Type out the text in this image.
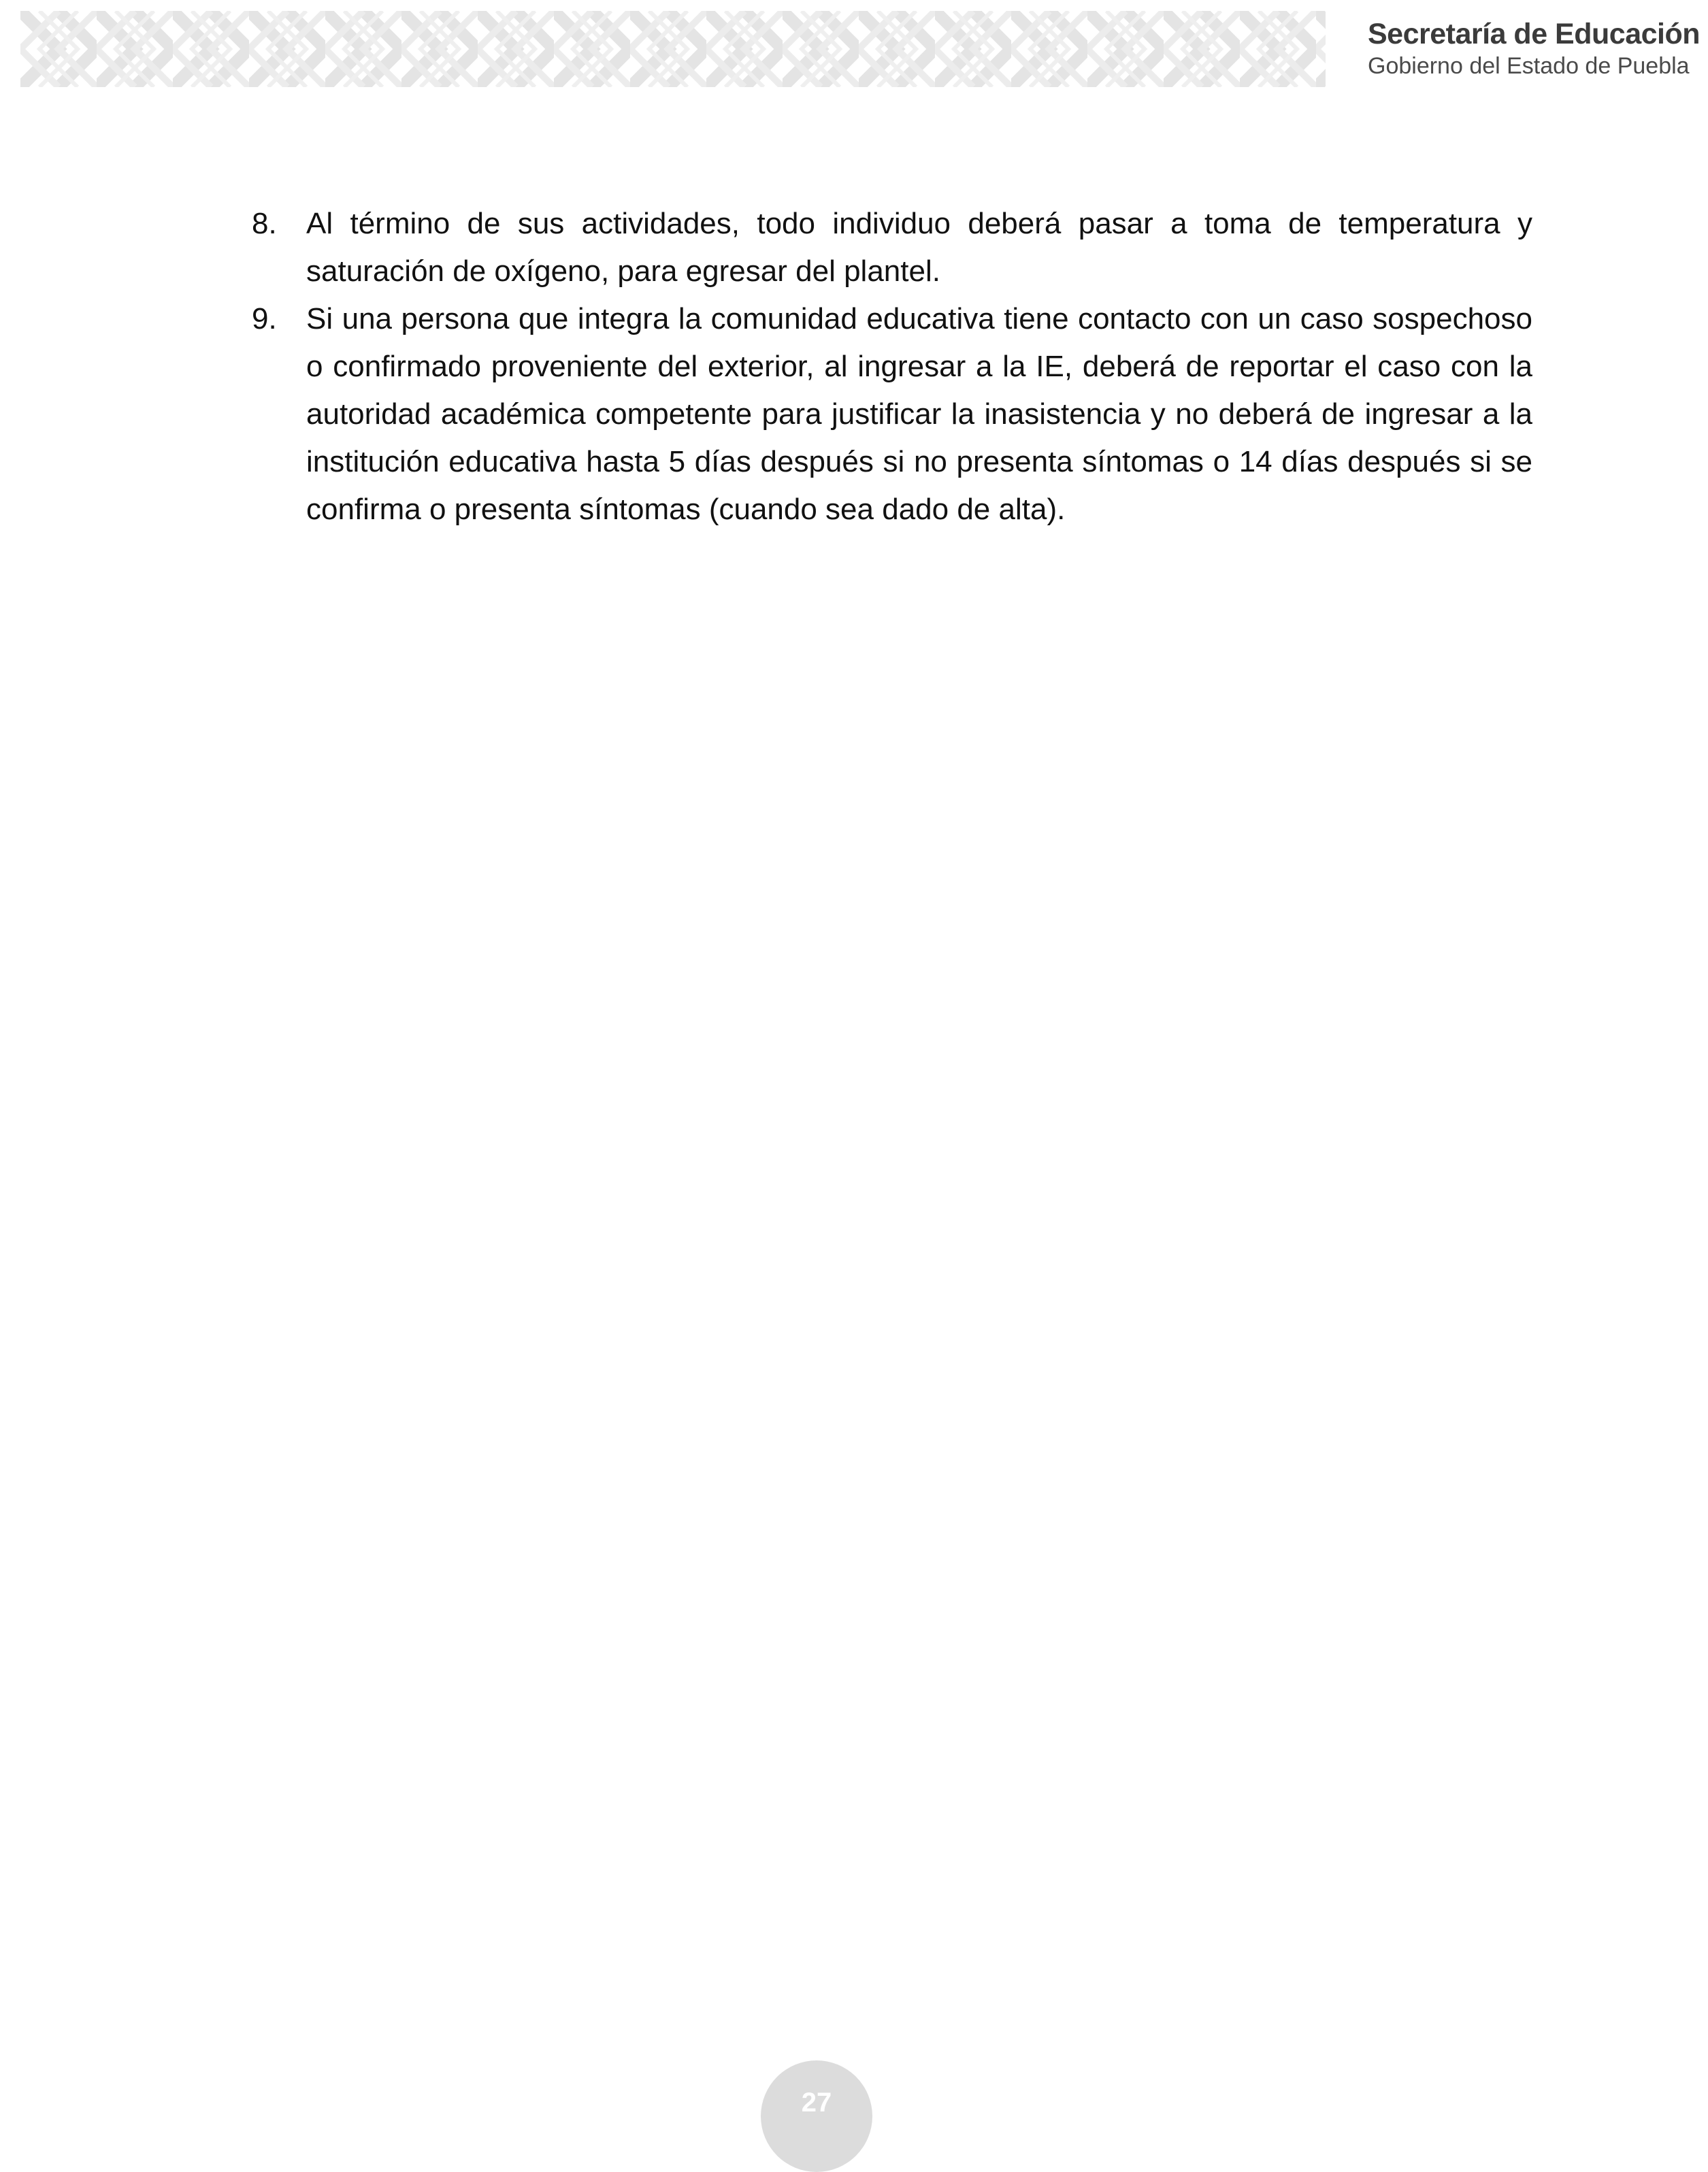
Secretaría de Educación
Gobierno del Estado de Puebla
8. Al término de sus actividades, todo individuo deberá pasar a toma de temperatura y saturación de oxígeno, para egresar del plantel.
9. Si una persona que integra la comunidad educativa tiene contacto con un caso sospechoso o confirmado proveniente del exterior, al ingresar a la IE, deberá de reportar el caso con la autoridad académica competente para justificar la inasistencia y no deberá de ingresar a la institución educativa hasta 5 días después si no presenta síntomas o 14 días después si se confirma o presenta síntomas (cuando sea dado de alta).
27
